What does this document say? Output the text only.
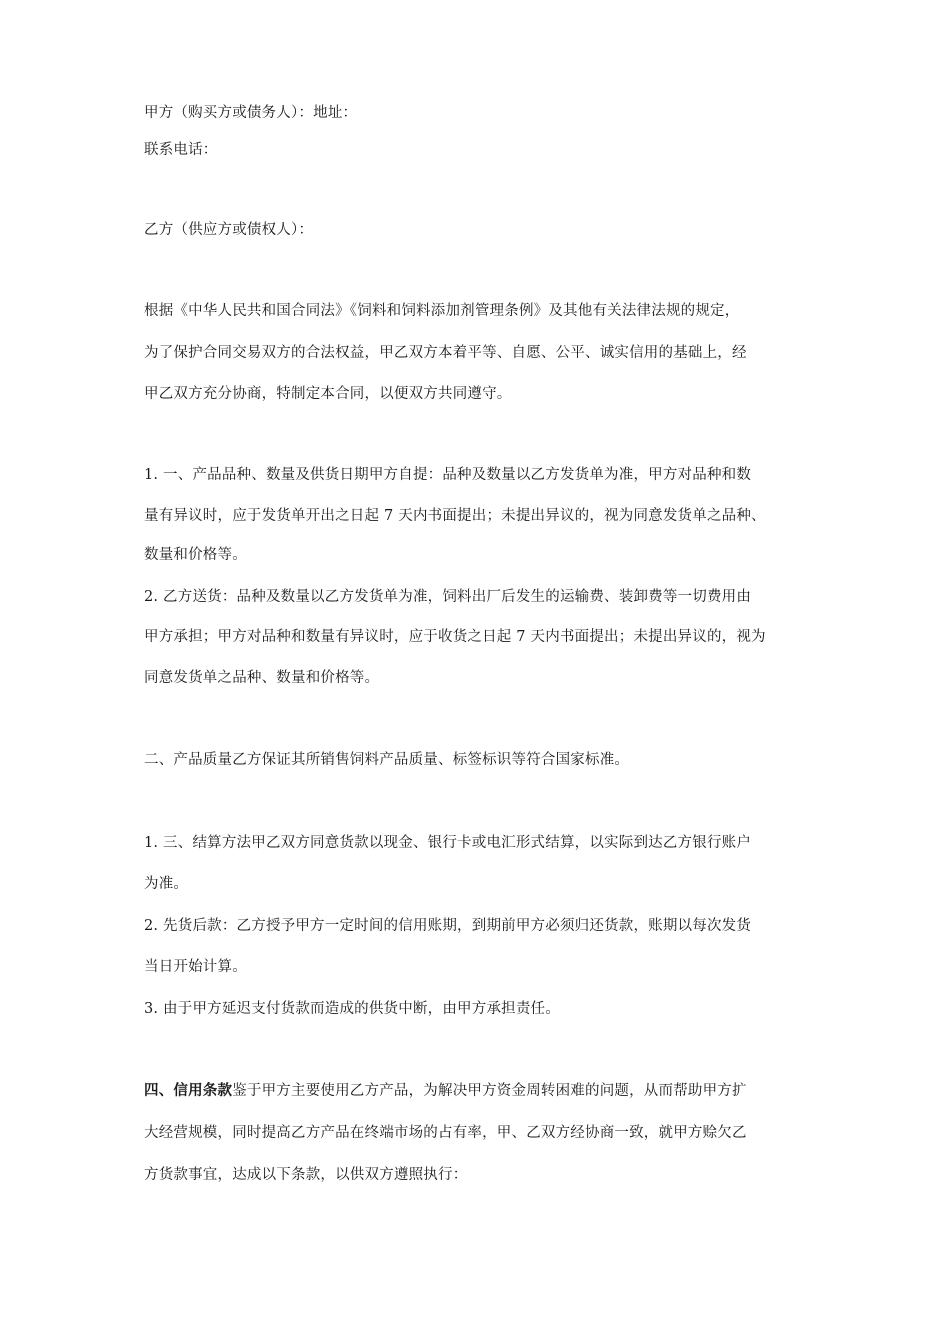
甲方（购买方或债务人）：地址：
联系电话：
乙方（供应方或债权人）：
根据《中华人民共和国合同法》《饲料和饲料添加剂管理条例》及其他有关法律法规的规定，
为了保护合同交易双方的合法权益，甲乙双方本着平等、自愿、公平、诚实信用的基础上，经
甲乙双方充分协商，特制定本合同，以便双方共同遵守。
1. 一、产品品种、数量及供货日期甲方自提：品种及数量以乙方发货单为准，甲方对品种和数
量有异议时，应于发货单开出之日起 7 天内书面提出；未提出异议的，视为同意发货单之品种、
数量和价格等。
2. 乙方送货：品种及数量以乙方发货单为准，饲料出厂后发生的运输费、装卸费等一切费用由
甲方承担；甲方对品种和数量有异议时，应于收货之日起 7 天内书面提出；未提出异议的，视为
同意发货单之品种、数量和价格等。
二、产品质量乙方保证其所销售饲料产品质量、标签标识等符合国家标准。
1. 三、结算方法甲乙双方同意货款以现金、银行卡或电汇形式结算，以实际到达乙方银行账户
为准。
2. 先货后款：乙方授予甲方一定时间的信用账期，到期前甲方必须归还货款，账期以每次发货
当日开始计算。
3. 由于甲方延迟支付货款而造成的供货中断，由甲方承担责任。
四、信用条款鉴于甲方主要使用乙方产品，为解决甲方资金周转困难的问题，从而帮助甲方扩
大经营规模，同时提高乙方产品在终端市场的占有率，甲、乙双方经协商一致，就甲方赊欠乙
方货款事宜，达成以下条款，以供双方遵照执行：
